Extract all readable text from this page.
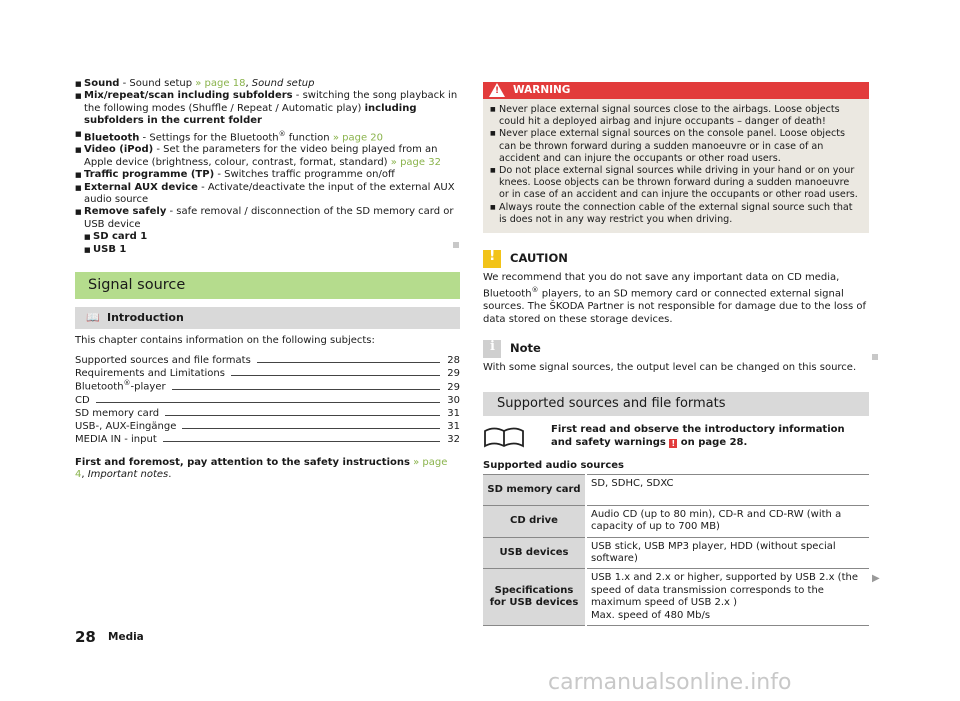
■ Sound - Sound setup » page 18, Sound setup

■ Mix/repeat/scan including subfolders - switching the song playback in the following modes (Shuffle / Repeat / Automatic play) including subfolders in the current folder

■ Bluetooth - Settings for the Bluetooth® function » page 20

■ Video (iPod) - Set the parameters for the video being played from an Apple device (brightness, colour, contrast, format, standard) » page 32

■ Traffic programme (TP) - Switches traffic programme on/off

■ External AUX device - Activate/deactivate the input of the external AUX audio source

■ Remove safely - safe removal / disconnection of the SD memory card or USB device

■ SD card 1

■ USB 1

Signal source
📖 Introduction
This chapter contains information on the following subjects:
Supported sources and file formats	28
Requirements and Limitations	29
Bluetooth®-player	29
CD	30
SD memory card	31
USB-, AUX-Eingänge	31
MEDIA IN - input	32
First and foremost, pay attention to the safety instructions » page 4, Important notes.
! WARNING

■ Never place external signal sources close to the airbags. Loose objects could hit a deployed airbag and injure occupants – danger of death!

■ Never place external signal sources on the console panel. Loose objects can be thrown forward during a sudden manoeuvre or in case of an accident and can injure the occupants or other road users.

■ Do not place external signal sources while driving in your hand or on your knees. Loose objects can be thrown forward during a sudden manoeuvre or in case of an accident and can injure the occupants or other road users.

■ Always route the connection cable of the external signal source such that is does not in any way restrict you when driving.

! CAUTION
We recommend that you do not save any important data on CD media, Bluetooth® players, to an SD memory card or connected external signal sources. The ŠKODA Partner is not responsible for damage due to the loss of data stored on these storage devices.
i Note
With some signal sources, the output level can be changed on this source.
Supported sources and file formats
First read and observe the introductory information and safety warnings ! on page 28.
Supported audio sources
SD memory card	SD, SDHC, SDXC
CD drive	Audio CD (up to 80 min), CD-R and CD-RW (with a capacity of up to 700 MB)
USB devices	USB stick, USB MP3 player, HDD (without special software)
Specifications for USB devices	USB 1.x and 2.x or higher, supported by USB 2.x (the speed of data transmission corresponds to the maximum speed of USB 2.x )
Max. speed of 480 Mb/s
▶
28 Media
carmanualsonline.info
